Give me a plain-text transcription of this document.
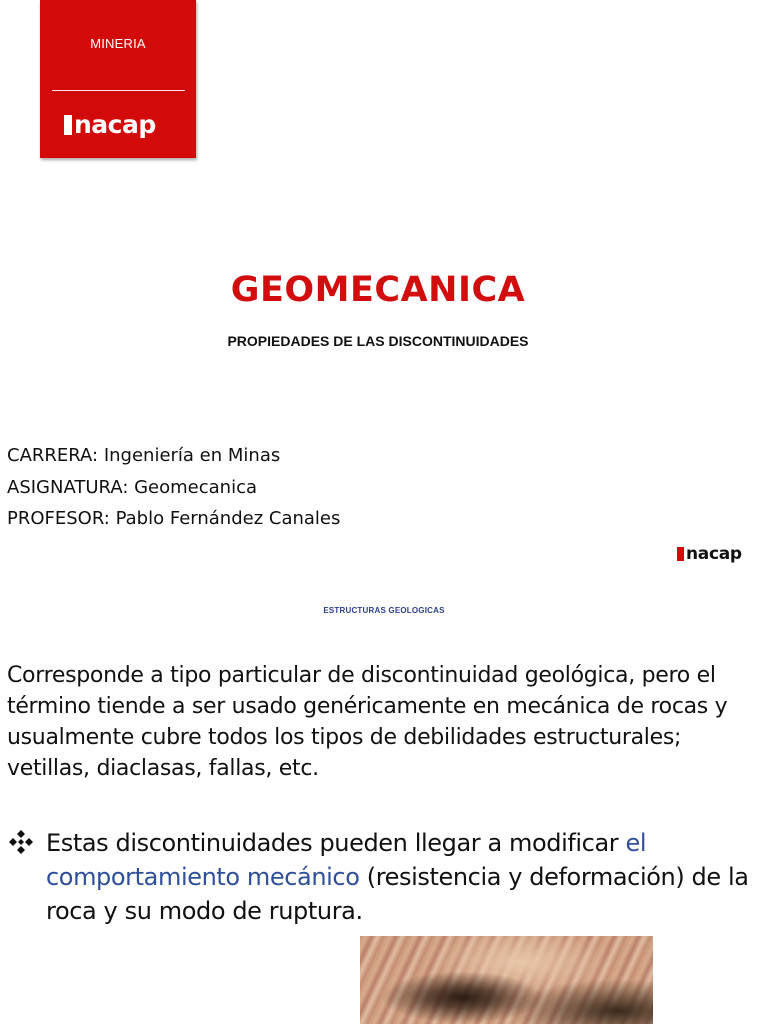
MINERIA
nacap
GEOMECANICA
PROPIEDADES DE LAS DISCONTINUIDADES
CARRERA: Ingeniería en Minas
ASIGNATURA: Geomecanica
PROFESOR: Pablo Fernández Canales
nacap
ESTRUCTURAS GEOLOGICAS
Corresponde a tipo particular de discontinuidad geológica, pero el término tiende a ser usado genéricamente en mecánica de rocas y usualmente cubre todos los tipos de debilidades estructurales; vetillas, diaclasas, fallas, etc.
Estas discontinuidades pueden llegar a modificar el comportamiento mecánico (resistencia y deformación) de la roca y su modo de ruptura.
